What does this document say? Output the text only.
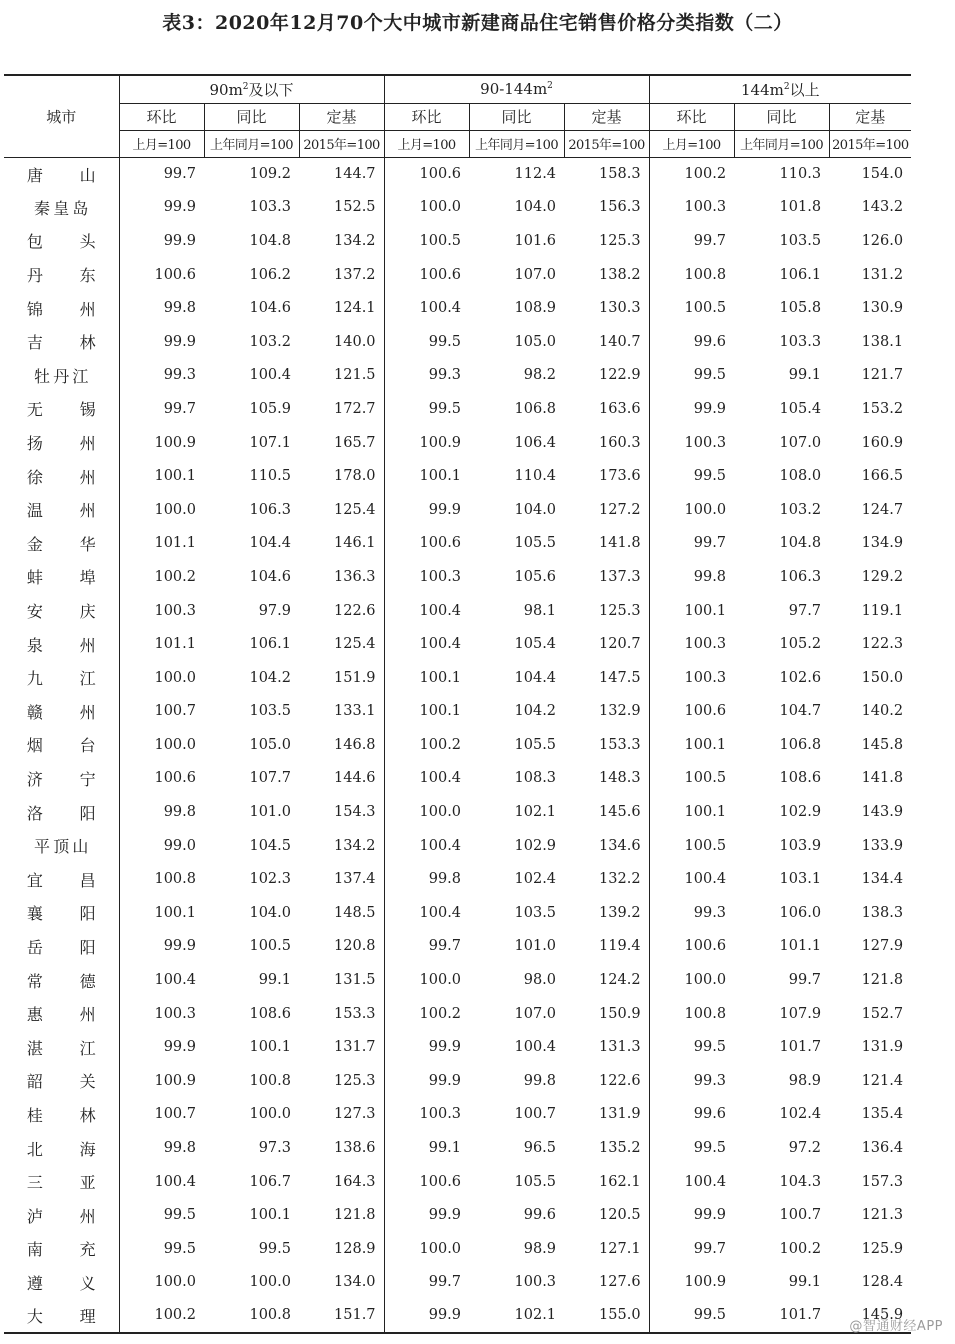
表3：2020年12月70个大中城市新建商品住宅销售价格分类指数（二）
城市	$90m^2$及以下			$90-144m^2$			$144m^2$以上		
	环比	同比	定基	环比	同比	定基	环比	同比	定基
	上月=100	上年同月=100	2015年=100	上月=100	上年同月=100	2015年=100	上月=100	上年同月=100	2015年=100
唐山	99.7	109.2	144.7	100.6	112.4	158.3	100.2	110.3	154.0
秦皇岛	99.9	103.3	152.5	100.0	104.0	156.3	100.3	101.8	143.2
包头	99.9	104.8	134.2	100.5	101.6	125.3	99.7	103.5	126.0
丹东	100.6	106.2	137.2	100.6	107.0	138.2	100.8	106.1	131.2
锦州	99.8	104.6	124.1	100.4	108.9	130.3	100.5	105.8	130.9
吉林	99.9	103.2	140.0	99.5	105.0	140.7	99.6	103.3	138.1
牡丹江	99.3	100.4	121.5	99.3	98.2	122.9	99.5	99.1	121.7
无锡	99.7	105.9	172.7	99.5	106.8	163.6	99.9	105.4	153.2
扬州	100.9	107.1	165.7	100.9	106.4	160.3	100.3	107.0	160.9
徐州	100.1	110.5	178.0	100.1	110.4	173.6	99.5	108.0	166.5
温州	100.0	106.3	125.4	99.9	104.0	127.2	100.0	103.2	124.7
金华	101.1	104.4	146.1	100.6	105.5	141.8	99.7	104.8	134.9
蚌埠	100.2	104.6	136.3	100.3	105.6	137.3	99.8	106.3	129.2
安庆	100.3	97.9	122.6	100.4	98.1	125.3	100.1	97.7	119.1
泉州	101.1	106.1	125.4	100.4	105.4	120.7	100.3	105.2	122.3
九江	100.0	104.2	151.9	100.1	104.4	147.5	100.3	102.6	150.0
赣州	100.7	103.5	133.1	100.1	104.2	132.9	100.6	104.7	140.2
烟台	100.0	105.0	146.8	100.2	105.5	153.3	100.1	106.8	145.8
济宁	100.6	107.7	144.6	100.4	108.3	148.3	100.5	108.6	141.8
洛阳	99.8	101.0	154.3	100.0	102.1	145.6	100.1	102.9	143.9
平顶山	99.0	104.5	134.2	100.4	102.9	134.6	100.5	103.9	133.9
宜昌	100.8	102.3	137.4	99.8	102.4	132.2	100.4	103.1	134.4
襄阳	100.1	104.0	148.5	100.4	103.5	139.2	99.3	106.0	138.3
岳阳	99.9	100.5	120.8	99.7	101.0	119.4	100.6	101.1	127.9
常德	100.4	99.1	131.5	100.0	98.0	124.2	100.0	99.7	121.8
惠州	100.3	108.6	153.3	100.2	107.0	150.9	100.8	107.9	152.7
湛江	99.9	100.1	131.7	99.9	100.4	131.3	99.5	101.7	131.9
韶关	100.9	100.8	125.3	99.9	99.8	122.6	99.3	98.9	121.4
桂林	100.7	100.0	127.3	100.3	100.7	131.9	99.6	102.4	135.4
北海	99.8	97.3	138.6	99.1	96.5	135.2	99.5	97.2	136.4
三亚	100.4	106.7	164.3	100.6	105.5	162.1	100.4	104.3	157.3
泸州	99.5	100.1	121.8	99.9	99.6	120.5	99.9	100.7	121.3
南充	99.5	99.5	128.9	100.0	98.9	127.1	99.7	100.2	125.9
遵义	100.0	100.0	134.0	99.7	100.3	127.6	100.9	99.1	128.4
大理	100.2	100.8	151.7	99.9	102.1	155.0	99.5	101.7	145.9
@智通财经APP
